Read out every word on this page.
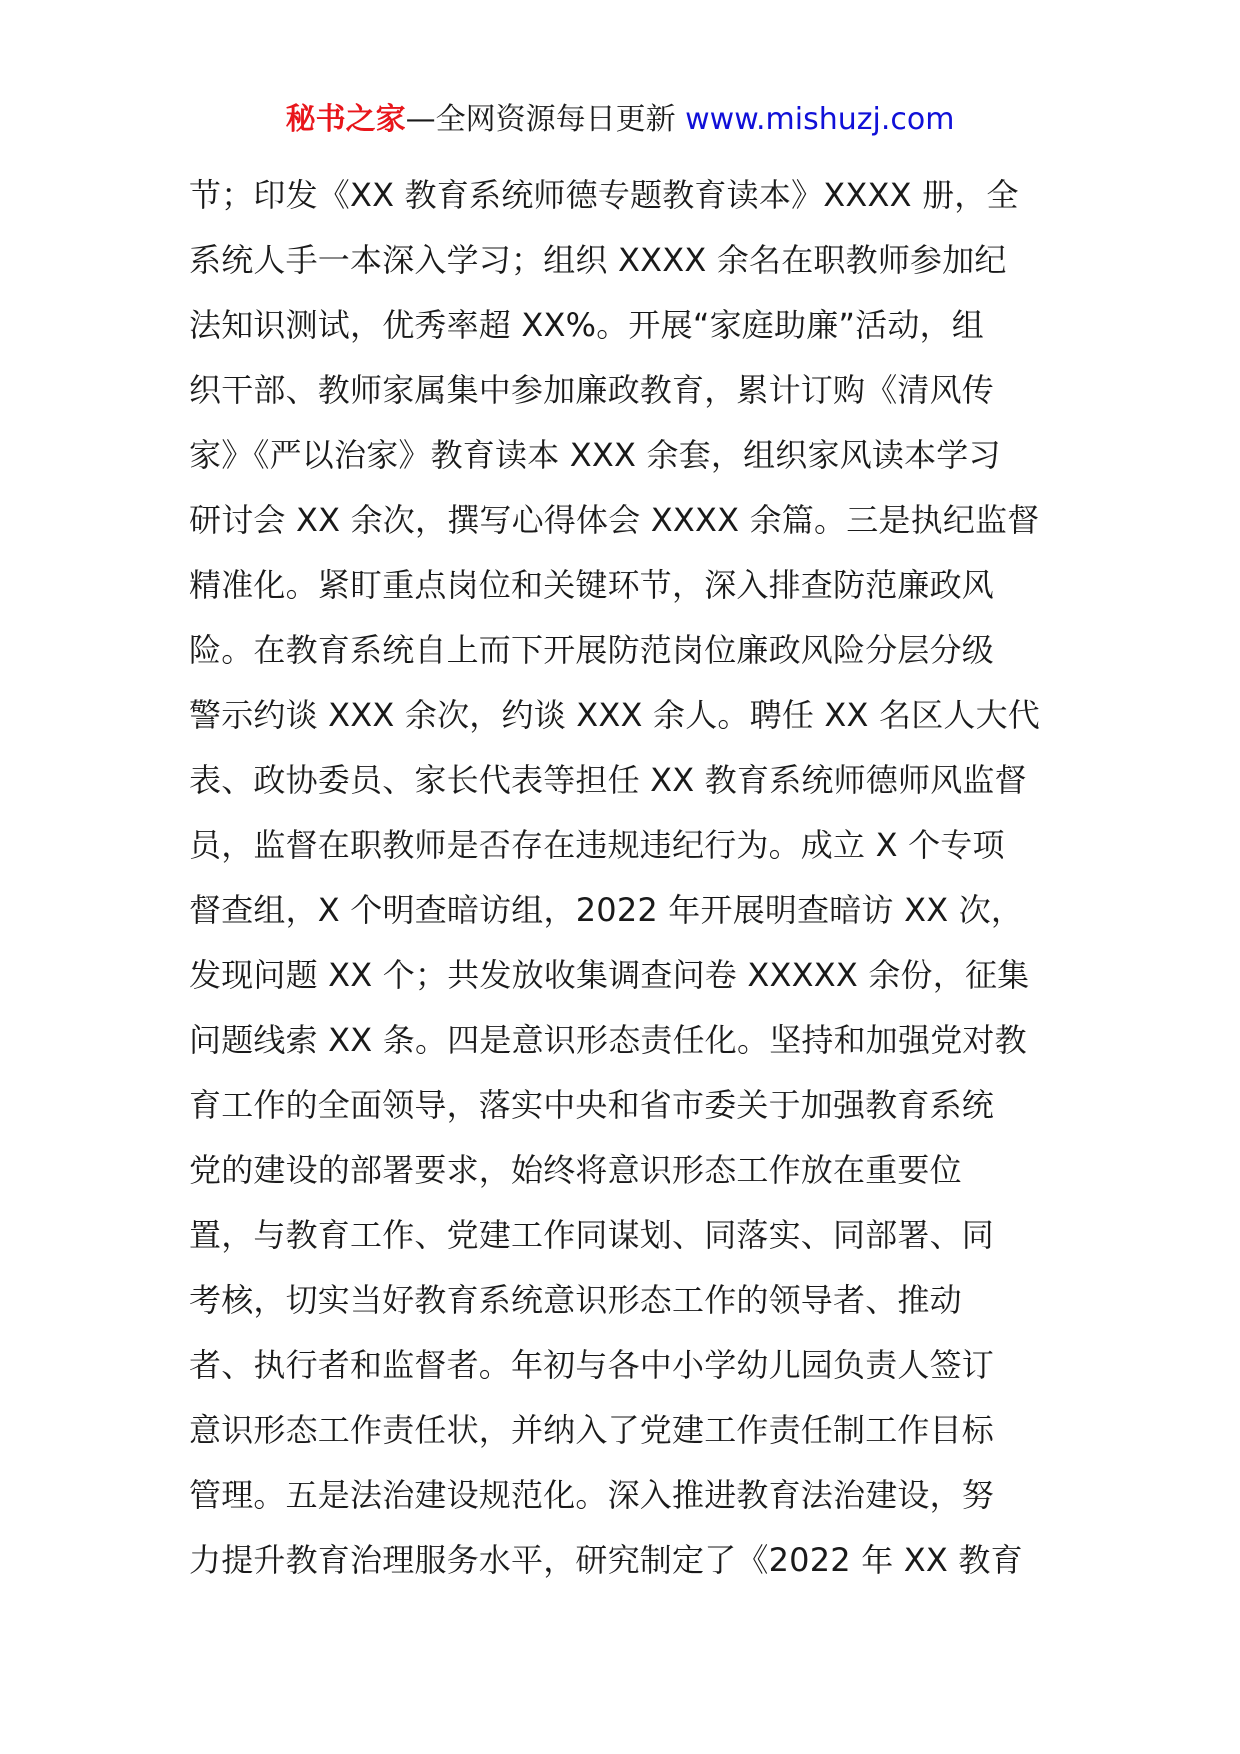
秘书之家—全网资源每日更新 www.mishuzj.com
节；印发《XX 教育系统师德专题教育读本》XXXX 册，全
系统人手一本深入学习；组织 XXXX 余名在职教师参加纪
法知识测试，优秀率超 XX%。开展“家庭助廉”活动，组
织干部、教师家属集中参加廉政教育，累计订购《清风传
家》《严以治家》教育读本 XXX 余套，组织家风读本学习
研讨会 XX 余次，撰写心得体会 XXXX 余篇。三是执纪监督
精准化。紧盯重点岗位和关键环节，深入排查防范廉政风
险。在教育系统自上而下开展防范岗位廉政风险分层分级
警示约谈 XXX 余次，约谈 XXX 余人。聘任 XX 名区人大代
表、政协委员、家长代表等担任 XX 教育系统师德师风监督
员，监督在职教师是否存在违规违纪行为。成立 X 个专项
督查组，X 个明查暗访组，2022 年开展明查暗访 XX 次，
发现问题 XX 个；共发放收集调查问卷 XXXXX 余份，征集
问题线索 XX 条。四是意识形态责任化。坚持和加强党对教
育工作的全面领导，落实中央和省市委关于加强教育系统
党的建设的部署要求，始终将意识形态工作放在重要位
置，与教育工作、党建工作同谋划、同落实、同部署、同
考核，切实当好教育系统意识形态工作的领导者、推动
者、执行者和监督者。年初与各中小学幼儿园负责人签订
意识形态工作责任状，并纳入了党建工作责任制工作目标
管理。五是法治建设规范化。深入推进教育法治建设，努
力提升教育治理服务水平，研究制定了《2022 年 XX 教育
